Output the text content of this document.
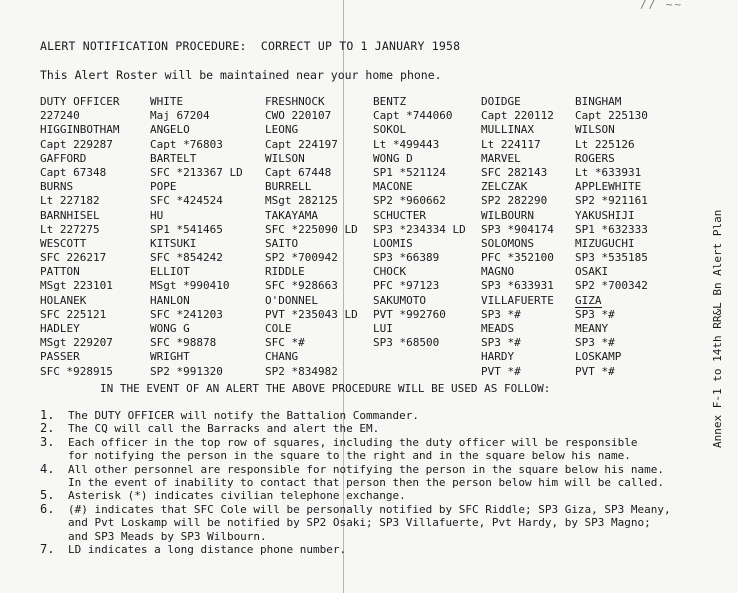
// ~~
ALERT NOTIFICATION PROCEDURE:  CORRECT UP TO 1 JANUARY 1958
This Alert Roster will be maintained near your home phone.
DUTY OFFICER
227240
HIGGINBOTHAM
Capt 229287
GAFFORD
Capt 67348
BURNS
Lt 227182
BARNHISEL
Lt 227275
WESCOTT
SFC 226217
PATTON
MSgt 223101
HOLANEK
SFC 225121
HADLEY
MSgt 229207
PASSER
SFC *928915
WHITE
Maj 67204
ANGELO
Capt *76803
BARTELT
SFC *213367 LD
POPE
SFC *424524
HU
SP1 *541465
KITSUKI
SFC *854242
ELLIOT
MSgt *990410
HANLON
SFC *241203
WONG G
SFC *98878
WRIGHT
SP2 *991320
FRESHNOCK
CWO 220107
LEONG
Capt 224197
WILSON
Capt 67448
BURRELL
MSgt 282125
TAKAYAMA
SFC *225090 LD
SAITO
SP2 *700942
RIDDLE
SFC *928663
O'DONNEL
PVT *235043 LD
COLE
SFC *#
CHANG
SP2 *834982
BENTZ
Capt *744060
SOKOL
Lt *499443
WONG D
SP1 *521124
MACONE
SP2 *960662
SCHUCTER
SP3 *234334 LD
LOOMIS
SP3 *66389
CHOCK
PFC *97123
SAKUMOTO
PVT *992760
LUI
SP3 *68500
DOIDGE
Capt 220112
MULLINAX
Lt 224117
MARVEL
SFC 282143
ZELCZAK
SP2 282290
WILBOURN
SP3 *904174
SOLOMONS
PFC *352100
MAGNO
SP3 *633931
VILLAFUERTE
SP3 *#
MEADS
SP3 *#
HARDY
PVT *#
BINGHAM
Capt 225130
WILSON
Lt 225126
ROGERS
Lt *633931
APPLEWHITE
SP2 *921161
YAKUSHIJI
SP1 *632333
MIZUGUCHI
SP3 *535185
OSAKI
SP2 *700342
GIZA
SP3 *#
MEANY
SP3 *#
LOSKAMP
PVT *#
IN THE EVENT OF AN ALERT THE ABOVE PROCEDURE WILL BE USED AS FOLLOW:
1. The DUTY OFFICER will notify the Battalion Commander.
2. The CQ will call the Barracks and alert the EM.
3. Each officer in the top row of squares, including the duty officer will be responsible
for notifying the person in the square to the right and in the square below his name.
4. All other personnel are responsible for notifying the person in the square below his name.
In the event of inability to contact that person then the person below him will be called.
5. Asterisk (*) indicates civilian telephone exchange.
6. (#) indicates that SFC Cole will be personally notified by SFC Riddle; SP3 Giza, SP3 Meany,
and Pvt Loskamp will be notified by SP2 Osaki; SP3 Villafuerte, Pvt Hardy, by SP3 Magno;
and SP3 Meads by SP3 Wilbourn.
7. LD indicates a long distance phone number.
Annex F-1 to 14th RR&L Bn Alert Plan
